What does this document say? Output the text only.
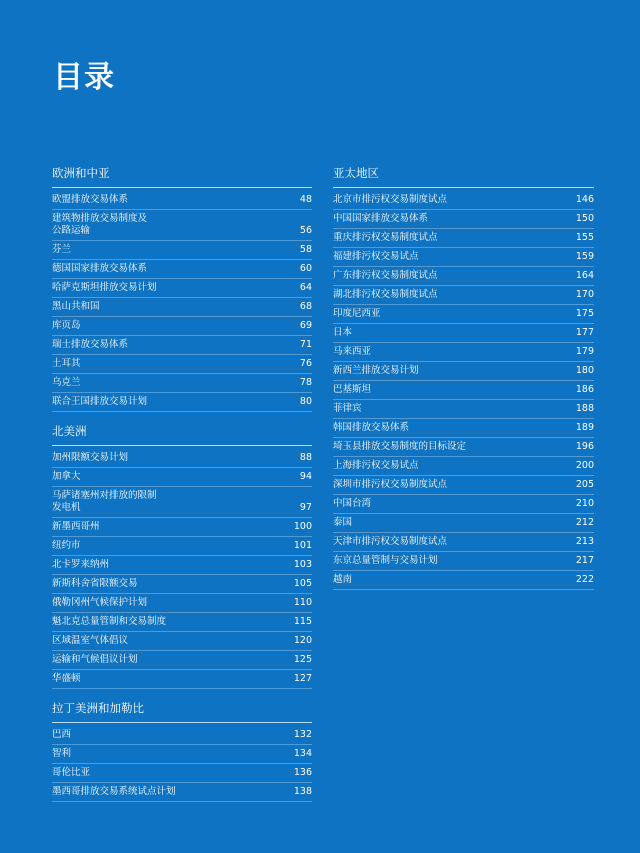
目录
欧洲和中亚
欧盟排放交易体系	48
建筑物排放交易制度及
公路运输	56
芬兰	58
德国国家排放交易体系	60
哈萨克斯坦排放交易计划	64
黑山共和国	68
库页岛	69
瑞士排放交易体系	71
土耳其	76
乌克兰	78
联合王国排放交易计划	80
北美洲
加州限额交易计划	88
加拿大	94
马萨诸塞州对排放的限制
发电机	97
新墨西哥州	100
纽约市	101
北卡罗来纳州	103
新斯科舍省限额交易	105
俄勒冈州气候保护计划	110
魁北克总量管制和交易制度	115
区域温室气体倡议	120
运输和气候倡议计划	125
华盛顿	127
拉丁美洲和加勒比
巴西	132
智利	134
哥伦比亚	136
墨西哥排放交易系统试点计划	138
亚太地区
北京市排污权交易制度试点	146
中国国家排放交易体系	150
重庆排污权交易制度试点	155
福建排污权交易试点	159
广东排污权交易制度试点	164
湖北排污权交易制度试点	170
印度尼西亚	175
日本	177
马来西亚	179
新西兰排放交易计划	180
巴基斯坦	186
菲律宾	188
韩国排放交易体系	189
埼玉县排放交易制度的目标设定	196
上海排污权交易试点	200
深圳市排污权交易制度试点	205
中国台湾	210
泰国	212
天津市排污权交易制度试点	213
东京总量管制与交易计划	217
越南	222
